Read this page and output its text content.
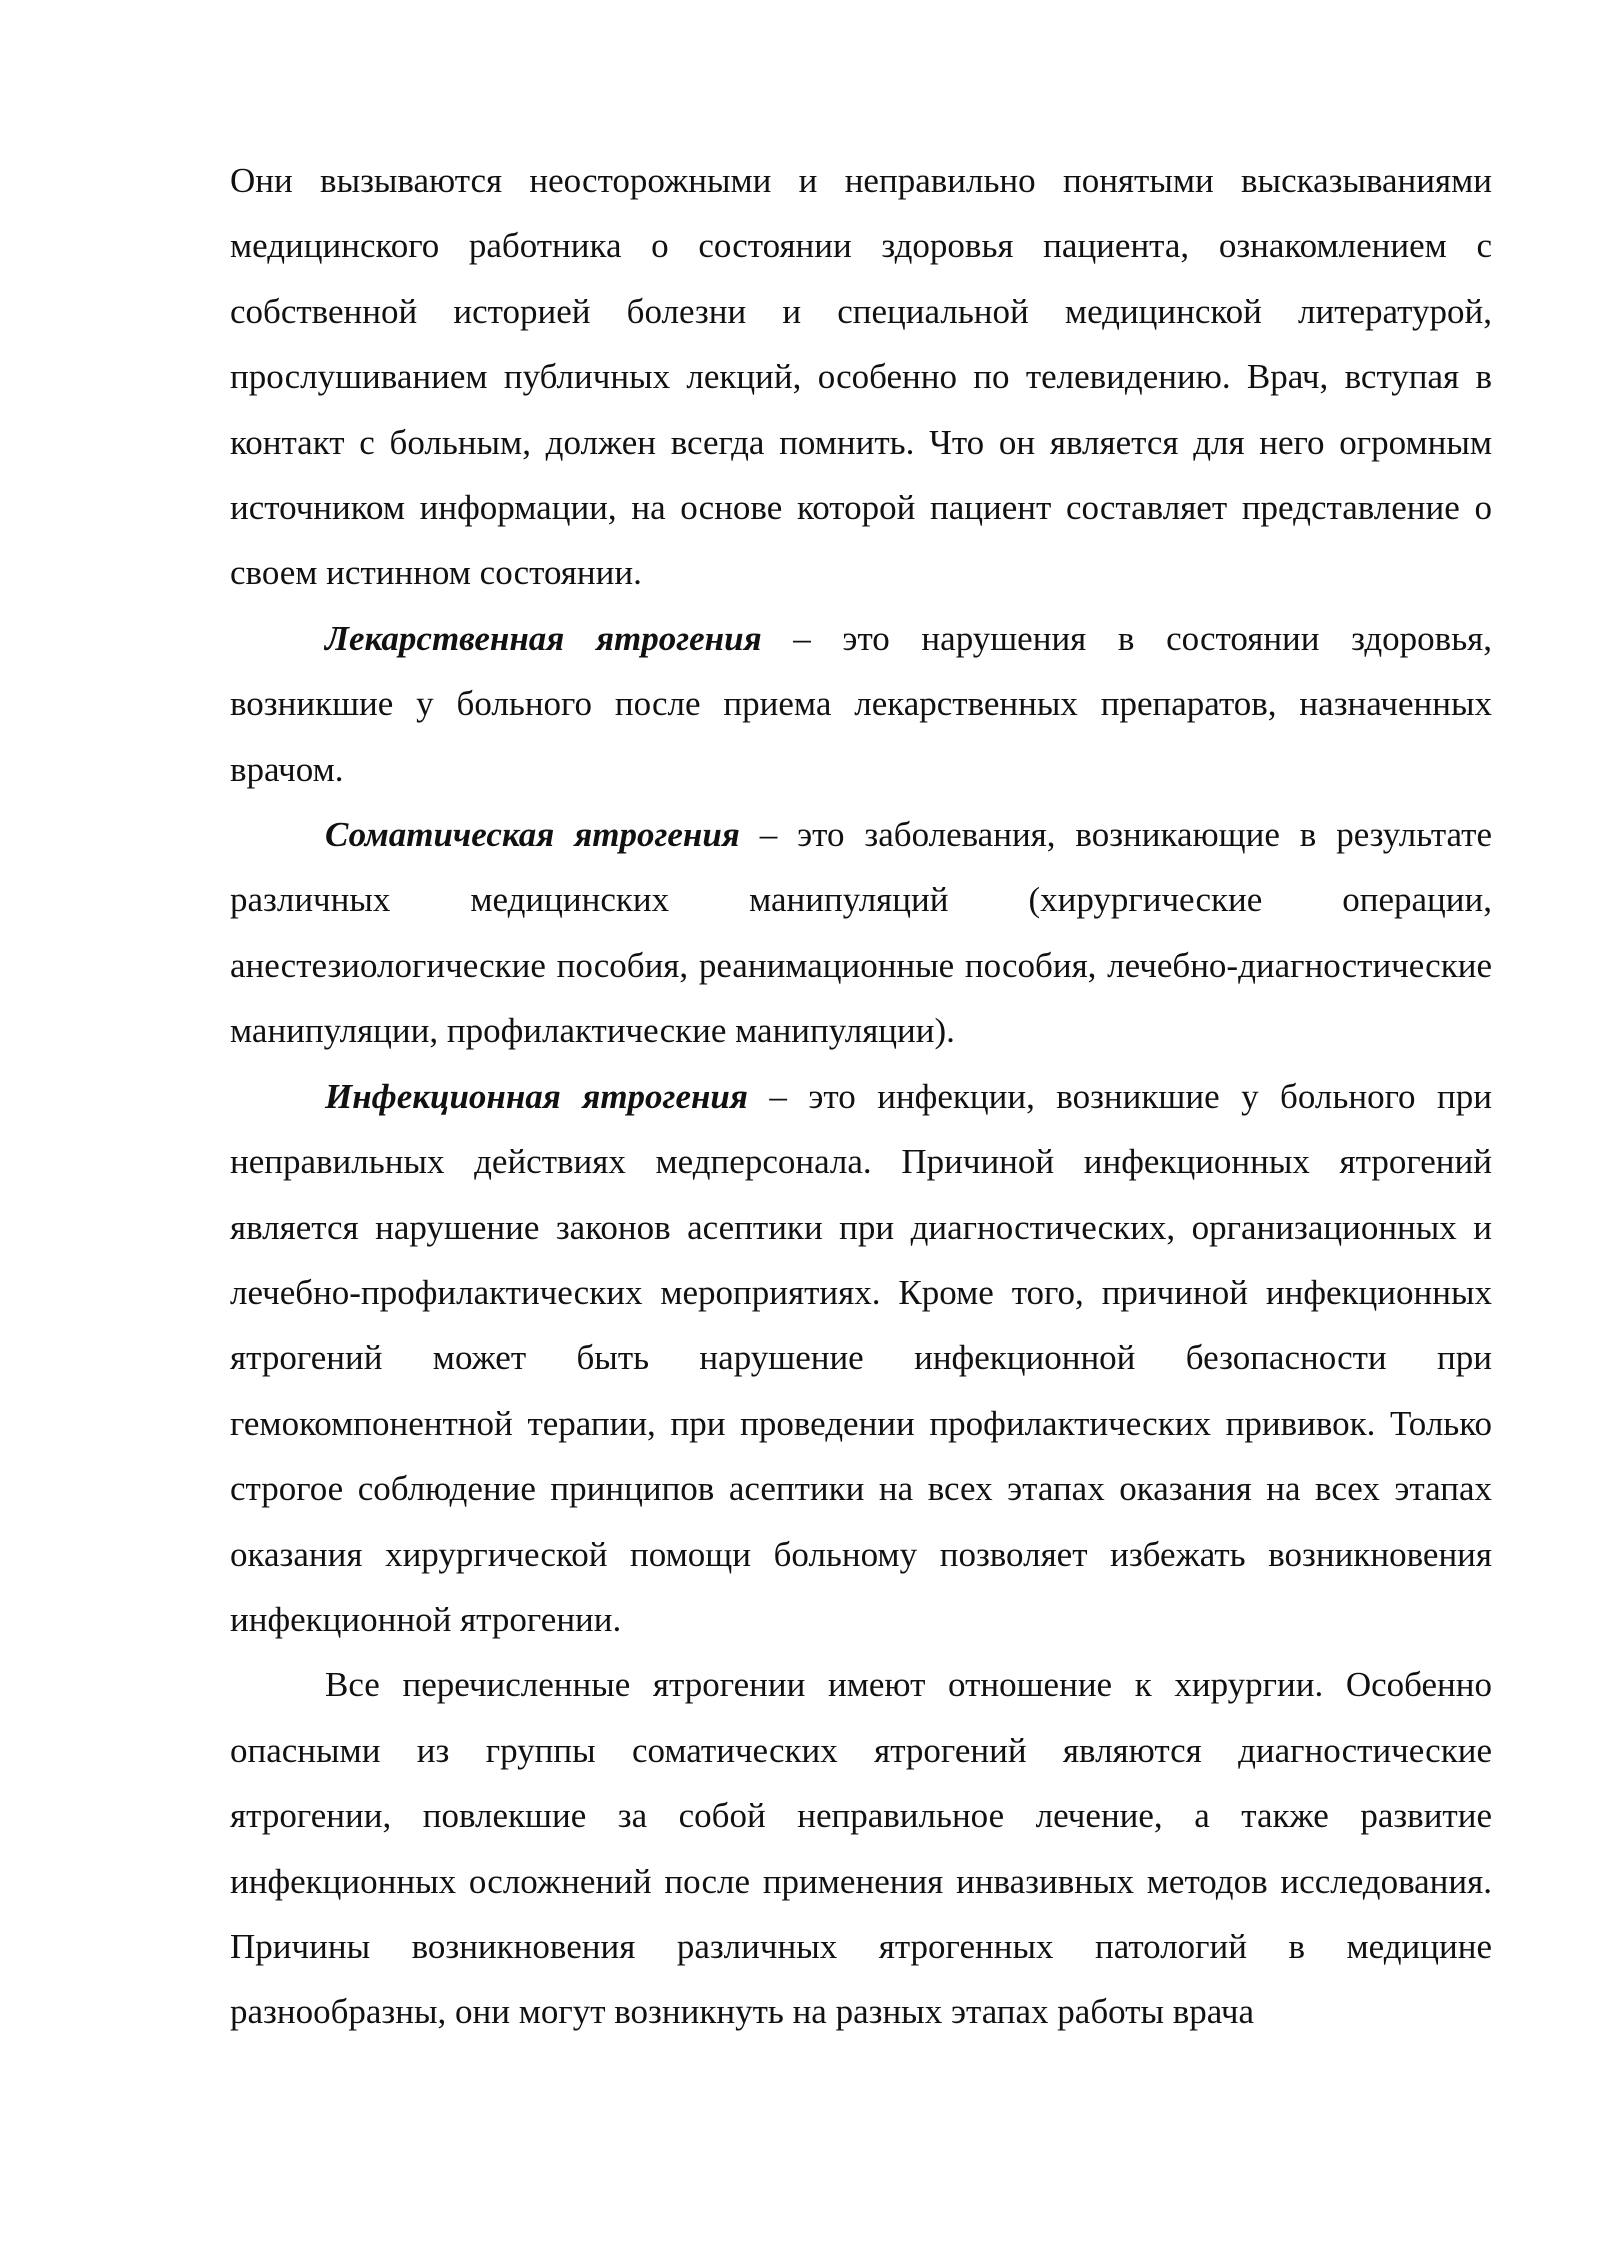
Они вызываются неосторожными и неправильно понятыми высказываниями медицинского работника о состоянии здоровья пациента, ознакомлением с собственной историей болезни и специальной медицинской литературой, прослушиванием публичных лекций, особенно по телевидению. Врач, вступая в контакт с больным, должен всегда помнить. Что он является для него огромным источником информации, на основе которой пациент составляет представление о своем истинном состоянии.

Лекарственная ятрогения – это нарушения в состоянии здоровья, возникшие у больного после приема лекарственных препаратов, назначенных врачом.

Соматическая ятрогения – это заболевания, возникающие в результате различных медицинских манипуляций (хирургические операции, анестезиологические пособия, реанимационные пособия, лечебно-диагностические манипуляции, профилактические манипуляции).

Инфекционная ятрогения – это инфекции, возникшие у больного при неправильных действиях медперсонала. Причиной инфекционных ятрогений является нарушение законов асептики при диагностических, организационных и лечебно-профилактических мероприятиях. Кроме того, причиной инфекционных ятрогений может быть нарушение инфекционной безопасности при гемокомпонентной терапии, при проведении профилактических прививок. Только строгое соблюдение принципов асептики на всех этапах оказания на всех этапах оказания хирургической помощи больному позволяет избежать возникновения инфекционной ятрогении.

Все перечисленные ятрогении имеют отношение к хирургии. Особенно опасными из группы соматических ятрогений являются диагностические ятрогении, повлекшие за собой неправильное лечение, а также развитие инфекционных осложнений после применения инвазивных методов исследования. Причины возникновения различных ятрогенных патологий в медицине разнообразны, они могут возникнуть на разных этапах работы врача
